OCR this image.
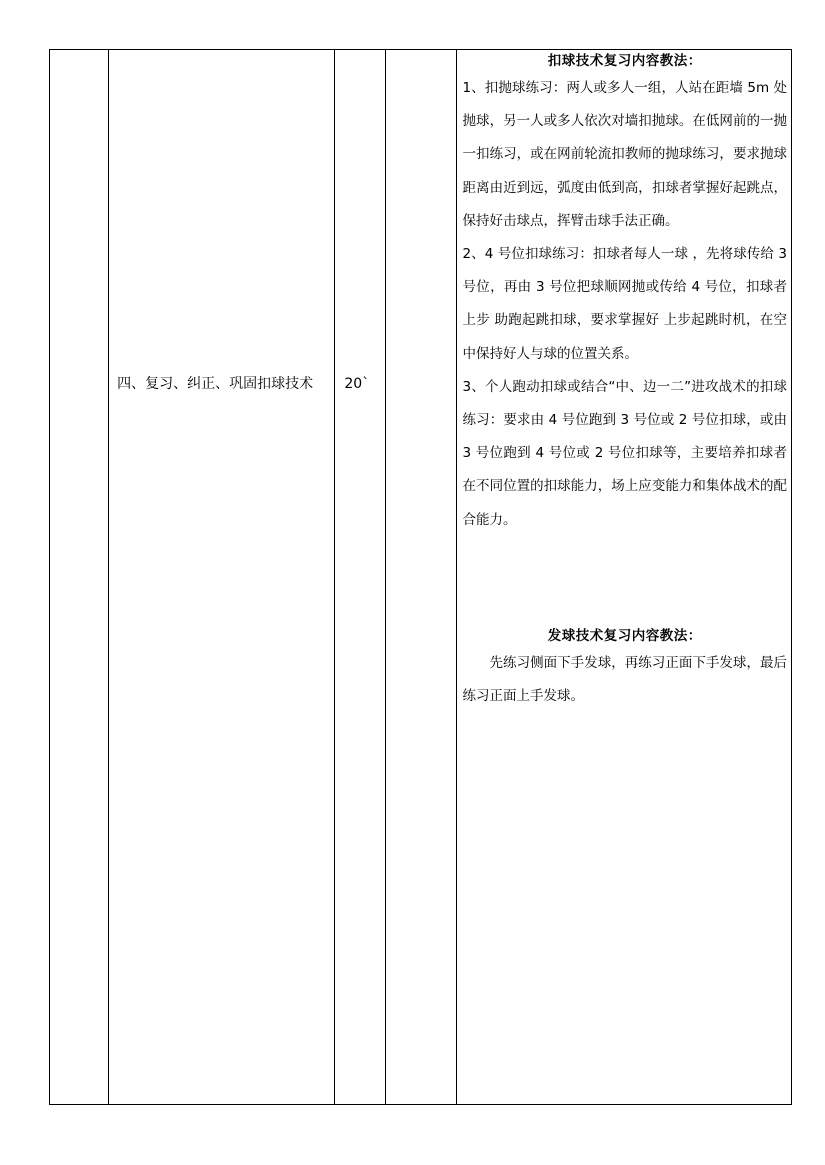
四、复习、纠正、巩固扣球技术	20`

扣球技术复习内容教法：

1、扣抛球练习：两人或多人一组，人站在距墙 5m 处抛球，另一人或多人依次对墙扣抛球。在低网前的一抛一扣练习，或在网前轮流扣教师的抛球练习，要求抛球距离由近到远，弧度由低到高，扣球者掌握好起跳点，保持好击球点，挥臂击球手法正确。

2、4 号位扣球练习：扣球者每人一球 ，先将球传给 3 号位，再由 3 号位把球顺网抛或传给 4 号位，扣球者上步 助跑起跳扣球，要求掌握好 上步起跳时机，在空中保持好人与球的位置关系。

3、个人跑动扣球或结合“中、边一二”进攻战术的扣球练习：要求由 4 号位跑到 3 号位或 2 号位扣球，或由 3 号位跑到 4 号位或 2 号位扣球等，主要培养扣球者在不同位置的扣球能力，场上应变能力和集体战术的配合能力。

发球技术复习内容教法：

先练习侧面下手发球，再练习正面下手发球，最后练习正面上手发球。
